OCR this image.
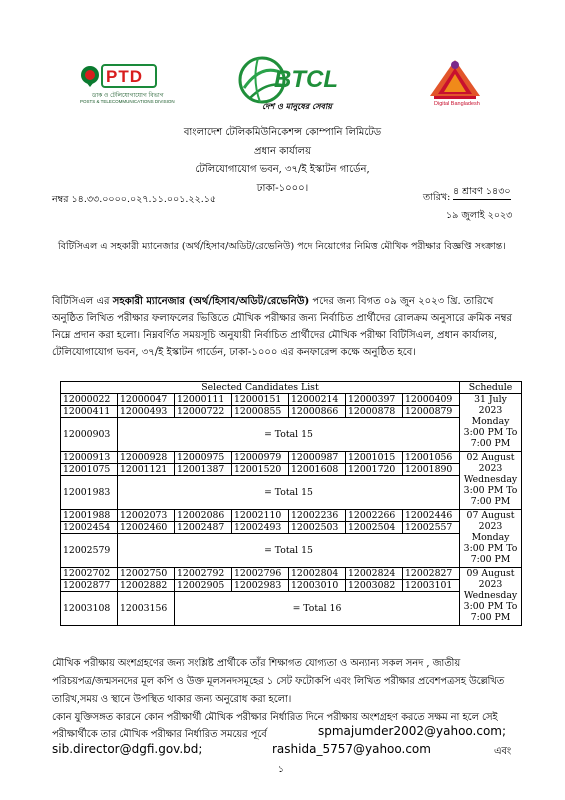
PTD
ডাক ও টেলিযোগাযোগ বিভাগ
POSTS & TELECOMMUNICATIONS DIVISION
BTCL
দেশ ও মানুষের সেবায়	Digital Bangladesh
বাংলাদেশ টেলিকমিউনিকেশন্স কোম্পানি লিমিটেড
প্রধান কার্যালয়
টেলিযোগাযোগ ভবন, ৩৭/ই ইস্কাটন গার্ডেন,
ঢাকা-১০০০।
নম্বর ১৪.৩৩.০০০০.০২৭.১১.০০১.২২.১৫	তারিখ:
৪ শ্রাবণ ১৪৩০
১৯ জুলাই ২০২৩
বিটিসিএল এ সহকারী ম্যানেজার (অর্থ/হিসাব/অডিট/রেভেনিউ) পদে নিয়োগের নিমিত্ত মৌখিক পরীক্ষার বিজ্ঞপ্তি সংক্রান্ত।
বিটিসিএল এর সহকারী ম্যানেজার (অর্থ/হিসাব/অডিট/রেভেনিউ) পদের জন্য বিগত ০৯ জুন ২০২৩ খ্রি. তারিখে
অনুষ্ঠিত লিখিত পরীক্ষার ফলাফলের ভিত্তিতে মৌখিক পরীক্ষার জন্য নির্বাচিত প্রার্থীদের রোলক্রম অনুসারে ক্রমিক নম্বর
নিম্নে প্রদান করা হলো। নিম্নবর্ণিত সময়সূচি অনুযায়ী নির্বাচিত প্রার্থীদের মৌখিক পরীক্ষা বিটিসিএল, প্রধান কার্যালয়,
টেলিযোগাযোগ ভবন, ৩৭/ই ইস্কাটন গার্ডেন, ঢাকা-১০০০ এর কনফারেন্স কক্ষে অনুষ্ঠিত হবে।
Selected Candidates List							Schedule
12000022	12000047	12000111	12000151	12000214	12000397	12000409	31 July
2023
Monday
3:00 PM To
7:00 PM

12000411	12000493	12000722	12000855	12000866	12000878	12000879	
12000903	= Total 15						
12000913	12000928	12000975	12000979	12000987	12001015	12001056	02 August
2023
Wednesday
3:00 PM To
7:00 PM

12001075	12001121	12001387	12001520	12001608	12001720	12001890	
12001983	= Total 15						
12001988	12002073	12002086	12002110	12002236	12002266	12002446	07 August
2023
Monday
3:00 PM To
7:00 PM

12002454	12002460	12002487	12002493	12002503	12002504	12002557	
12002579	= Total 15						
12002702	12002750	12002792	12002796	12002804	12002824	12002827	09 August
2023
Wednesday
3:00 PM To
7:00 PM

12002877	12002882	12002905	12002983	12003010	12003082	12003101	
12003108	12003156	= Total 16					
মৌখিক পরীক্ষায় অংশগ্রহণের জন্য সংশ্লিষ্ট প্রার্থীকে তাঁর শিক্ষাগত যোগ্যতা ও অন্যান্য সকল সনদ , জাতীয়
পরিচয়পত্র/জন্মসনদের মূল কপি ও উক্ত মূলসনদসমূহের ১ সেট ফটোকপি এবং লিখিত পরীক্ষার প্রবেশপত্রসহ উল্লেখিত
তারিখ,সময় ও স্থানে উপস্থিত থাকার জন্য অনুরোধ করা হলো।
কোন যুক্তিসঙ্গত কারনে কোন পরীক্ষার্থী মৌখিক পরীক্ষার নির্ধারিত দিনে পরীক্ষায় অংশগ্রহণ করতে সক্ষম না হলে সেই
পরীক্ষার্থীকে তার মৌখিক পরীক্ষার নির্ধারিত সময়ের পূর্বে	spmajumder2002@yahoo.com;
sib.director@dgfi.gov.bd;	rashida_5757@yahoo.com	এবং
১
